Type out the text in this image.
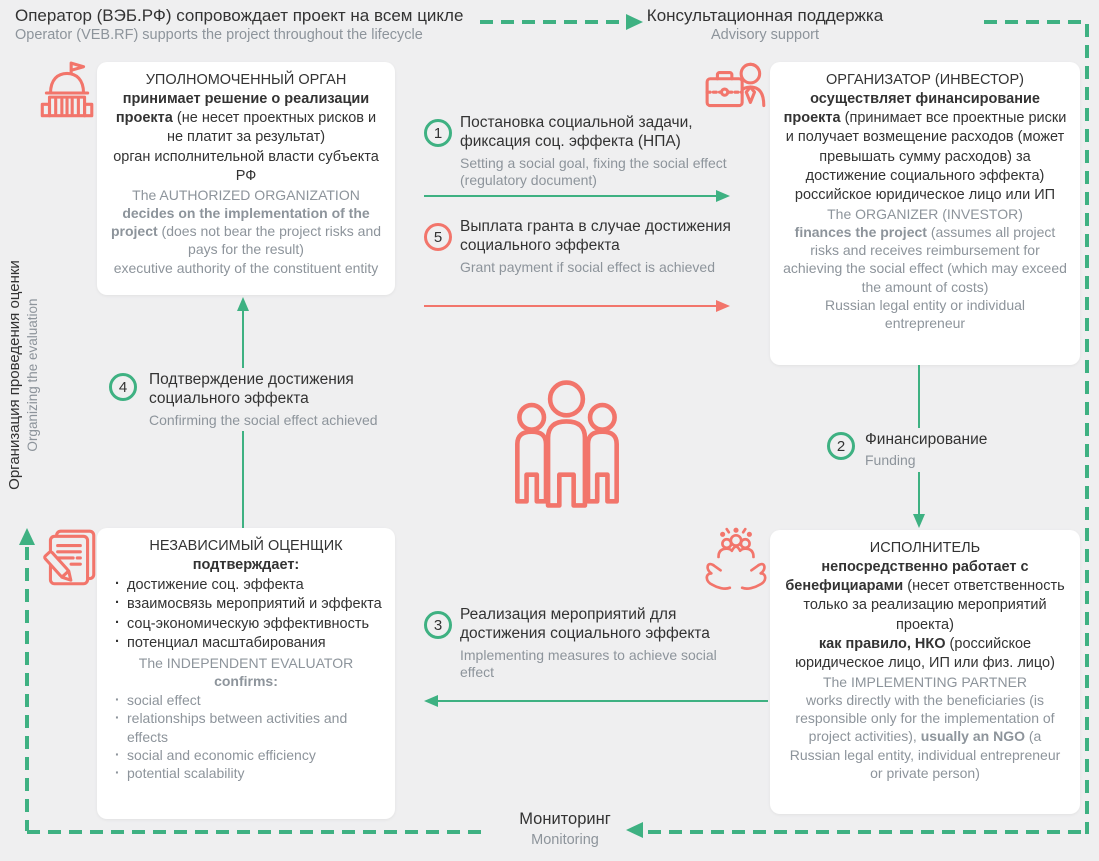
Оператор (ВЭБ.РФ) сопровождает проект на всем цикле
Operator (VEB.RF) supports the project throughout the lifecycle
Консультационная поддержка
Advisory support
Организация проведения оценки Organizing the evaluation
Мониторинг
Monitoring
УПОЛНОМОЧЕННЫЙ ОРГАН
принимает решение о реализации проекта (не несет проектных рисков и не платит за результат)
орган исполнительной власти субъекта РФ
The AUTHORIZED ORGANIZATION
decides on the implementation of the project (does not bear the project risks and pays for the result)
executive authority of the constituent entity
ОРГАНИЗАТОР (ИНВЕСТОР)
осуществляет финансирование проекта (принимает все проектные риски и получает возмещение расходов (может превышать сумму расходов) за достижение социального эффекта)
российское юридическое лицо или ИП
The ORGANIZER (INVESTOR)
finances the project (assumes all project risks and receives reimbursement for achieving the social effect (which may exceed the amount of costs)
Russian legal entity or individual entrepreneur
НЕЗАВИСИМЫЙ ОЦЕНЩИК
подтверждает:
· достижение соц. эффекта
· взаимосвязь мероприятий и эффекта
· соц-экономическую эффективность
· потенциал масштабирования
The INDEPENDENT EVALUATOR
confirms:
· social effect
· relationships between activities and effects
· social and economic efficiency
· potential scalability
ИСПОЛНИТЕЛЬ
непосредственно работает с бенефициарами (несет ответственность только за реализацию мероприятий проекта)
как правило, НКО (российское юридическое лицо, ИП или физ. лицо)
The IMPLEMENTING PARTNER
works directly with the beneficiaries (is responsible only for the implementation of project activities), usually an NGO (a Russian legal entity, individual entrepreneur or private person)
1
Постановка социальной задачи, фиксация соц. эффекта (НПА)
Setting a social goal, fixing the social effect (regulatory document)
5
Выплата гранта в случае достижения социального эффекта
Grant payment if social effect is achieved
2 Финансирование
Funding
4 Подтверждение достижения социального эффекта
Confirming the social effect achieved
3
Реализация мероприятий для достижения социального эффекта
Implementing measures to achieve social effect
